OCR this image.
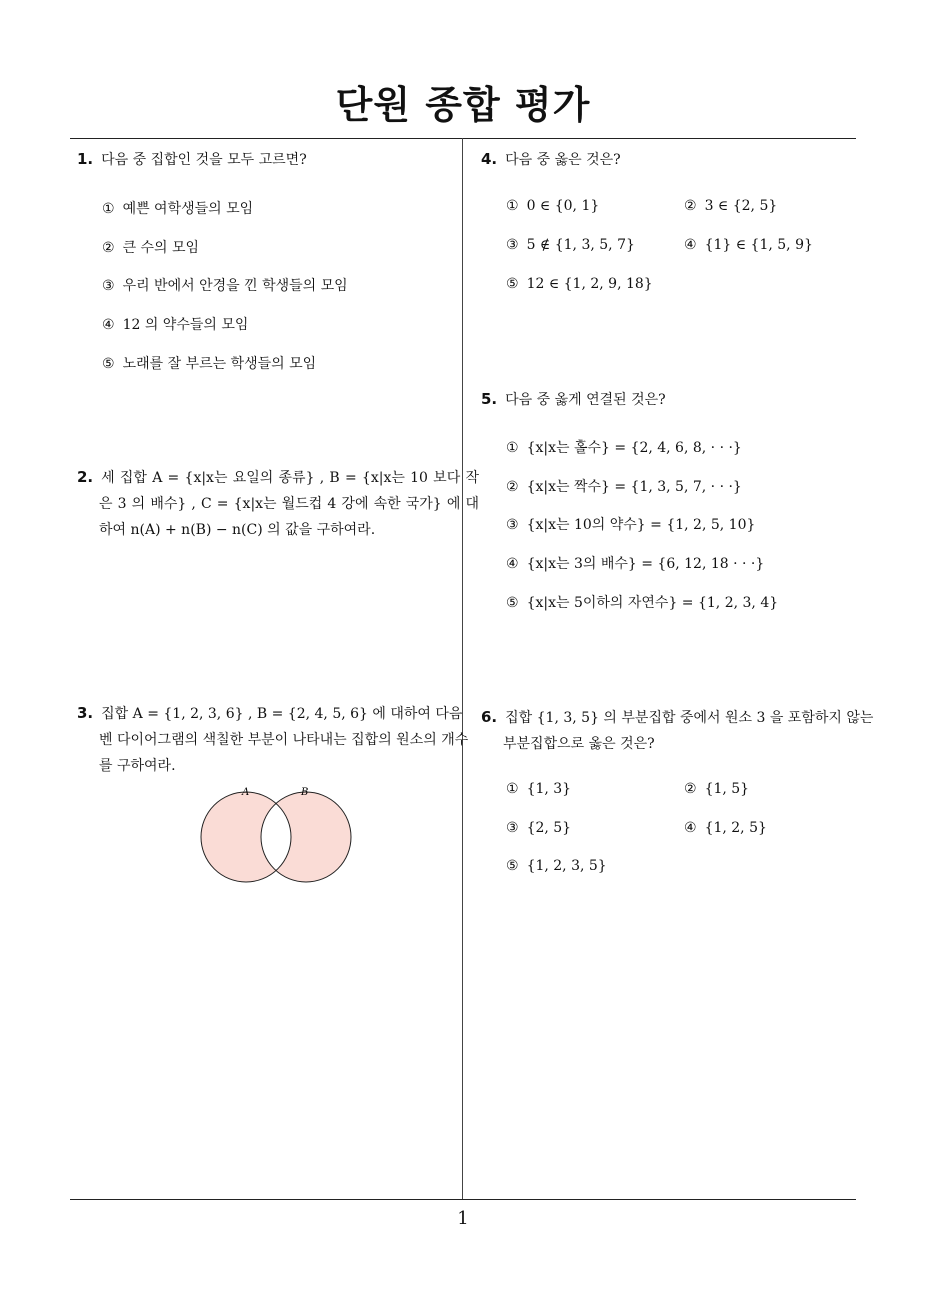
단원 종합 평가
1
1. 다음 중 집합인 것을 모두 고르면?
① 예쁜 여학생들의 모임
② 큰 수의 모임
③ 우리 반에서 안경을 낀 학생들의 모임
④ 12 의 약수들의 모임
⑤ 노래를 잘 부르는 학생들의 모임
2. 세 집합 A = {x|x는 요일의 종류} , B = {x|x는 10 보다 작은 3 의 배수} , C = {x|x는 월드컵 4 강에 속한 국가} 에 대하여 n(A) + n(B) − n(C) 의 값을 구하여라.
3. 집합 A = {1, 2, 3, 6} , B = {2, 4, 5, 6} 에 대하여 다음 벤 다이어그램의 색칠한 부분이 나타내는 집합의 원소의 개수를 구하여라.
A	B
4. 다음 중 옳은 것은?
① 0 ∈ {0, 1}	② 3 ∈ {2, 5}
③ 5 ∉ {1, 3, 5, 7}	④ {1} ∈ {1, 5, 9}
⑤ 12 ∈ {1, 2, 9, 18}
5. 다음 중 옳게 연결된 것은?
① {x|x는 홀수} = {2, 4, 6, 8, · · ·}
② {x|x는 짝수} = {1, 3, 5, 7, · · ·}
③ {x|x는 10의 약수} = {1, 2, 5, 10}
④ {x|x는 3의 배수} = {6, 12, 18 · · ·}
⑤ {x|x는 5이하의 자연수} = {1, 2, 3, 4}
6. 집합 {1, 3, 5} 의 부분집합 중에서 원소 3 을 포함하지 않는 부분집합으로 옳은 것은?
① {1, 3}	② {1, 5}
③ {2, 5}	④ {1, 2, 5}
⑤ {1, 2, 3, 5}
